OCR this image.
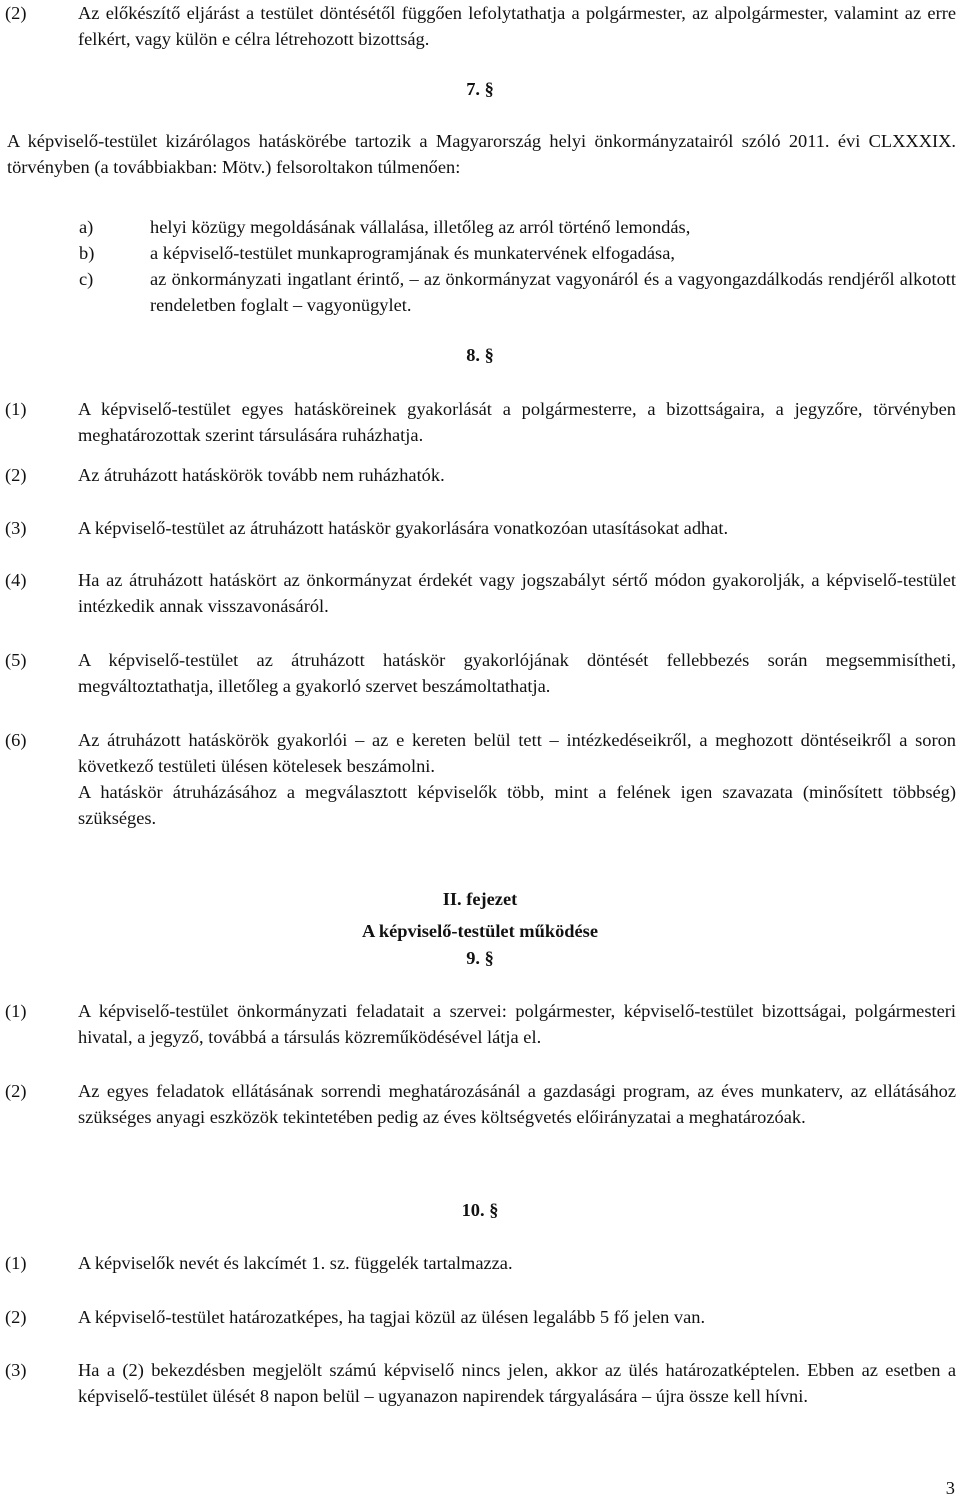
(2)	Az előkészítő eljárást a testület döntésétől függően lefolytathatja a polgármester, az alpolgármester, valamint az erre felkért, vagy külön e célra létrehozott bizottság.
7. §
A képviselő-testület kizárólagos hatáskörébe tartozik a Magyarország helyi önkormányzatairól szóló 2011. évi CLXXXIX. törvényben (a továbbiakban: Mötv.) felsoroltakon túlmenően:
a)	helyi közügy megoldásának vállalása, illetőleg az arról történő lemondás,
b)	a képviselő-testület munkaprogramjának és munkatervének elfogadása,
c)	az önkormányzati ingatlant érintő, – az önkormányzat vagyonáról és a vagyongazdálkodás rendjéről alkotott rendeletben foglalt – vagyonügylet.
8. §
(1)	A képviselő-testület egyes hatásköreinek gyakorlását a polgármesterre, a bizottságaira, a jegyzőre, törvényben meghatározottak szerint társulására ruházhatja.
(2)	Az átruházott hatáskörök tovább nem ruházhatók.
(3)	A képviselő-testület az átruházott hatáskör gyakorlására vonatkozóan utasításokat adhat.
(4)	Ha az átruházott hatáskört az önkormányzat érdekét vagy jogszabályt sértő módon gyakorolják, a képviselő-testület intézkedik annak visszavonásáról.
(5)	A képviselő-testület az átruházott hatáskör gyakorlójának döntését fellebbezés során megsemmisítheti, megváltoztathatja, illetőleg a gyakorló szervet beszámoltathatja.
(6)	Az átruházott hatáskörök gyakorlói – az e kereten belül tett – intézkedéseikről, a meghozott döntéseikről a soron következő testületi ülésen kötelesek beszámolni.
A hatáskör átruházásához a megválasztott képviselők több, mint a felének igen szavazata (minősített többség) szükséges.
II. fejezet
A képviselő-testület működése
9. §
(1)	A képviselő-testület önkormányzati feladatait a szervei: polgármester, képviselő-testület bizottságai, polgármesteri hivatal, a jegyző, továbbá a társulás közreműködésével látja el.
(2)	Az egyes feladatok ellátásának sorrendi meghatározásánál a gazdasági program, az éves munkaterv, az ellátásához szükséges anyagi eszközök tekintetében pedig az éves költségvetés előirányzatai a meghatározóak.
10. §
(1)	A képviselők nevét és lakcímét 1. sz. függelék tartalmazza.
(2)	A képviselő-testület határozatképes, ha tagjai közül az ülésen legalább 5 fő jelen van.
(3)	Ha a (2) bekezdésben megjelölt számú képviselő nincs jelen, akkor az ülés határozatképtelen. Ebben az esetben a képviselő-testület ülését 8 napon belül – ugyanazon napirendek tárgyalására – újra össze kell hívni.
3
